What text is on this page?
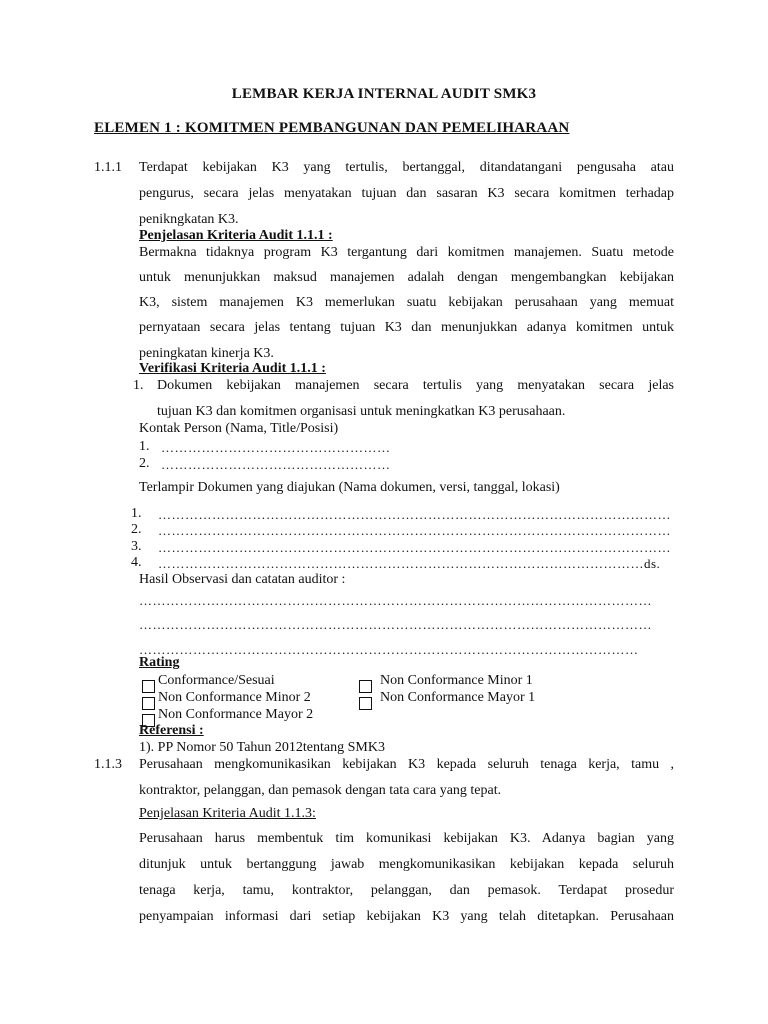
LEMBAR KERJA INTERNAL AUDIT SMK3
ELEMEN 1 : KOMITMEN PEMBANGUNAN DAN PEMELIHARAAN
1.1.1 Terdapat kebijakan K3 yang tertulis, bertanggal, ditandatangani pengusaha atau
pengurus, secara jelas menyatakan tujuan dan sasaran K3 secara komitmen terhadap
penikngkatan K3.
Penjelasan Kriteria Audit 1.1.1 :
Bermakna tidaknya program K3 tergantung dari komitmen manajemen. Suatu metode
untuk menunjukkan maksud manajemen adalah dengan mengembangkan kebijakan
K3, sistem manajemen K3 memerlukan suatu kebijakan perusahaan yang memuat
pernyataan secara jelas tentang tujuan K3 dan menunjukkan adanya komitmen untuk
peningkatan kinerja K3.
Verifikasi Kriteria Audit 1.1.1 :
1. Dokumen kebijakan manajemen secara tertulis yang menyatakan secara jelas
tujuan K3 dan komitmen organisasi untuk meningkatkan K3 perusahaan.
Kontak Person (Nama, Title/Posisi)
1. ……………………………………………
2. ……………………………………………
Terlampir Dokumen yang diajukan (Nama dokumen, versi, tanggal, lokasi)
1. ……………………………………………………………………………………………………
2. ……………………………………………………………………………………………………
3. ……………………………………………………………………………………………………
4. ………………………………………………………………………………………………ds.
Hasil Observasi dan catatan auditor :
……………………………………………………………………………………………………
……………………………………………………………………………………………………
…………………………………………………………………………………………………
Rating
Conformance/Sesuai	Non Conformance Minor 1
Non Conformance Minor 2	Non Conformance Mayor 1
Non Conformance Mayor 2
Referensi :
1). PP Nomor 50 Tahun 2012tentang SMK3
1.1.3 Perusahaan mengkomunikasikan kebijakan K3 kepada seluruh tenaga kerja, tamu ,
kontraktor, pelanggan, dan pemasok dengan tata cara yang tepat.
Penjelasan Kriteria Audit 1.1.3:
Perusahaan harus membentuk tim komunikasi kebijakan K3. Adanya bagian yang
ditunjuk untuk bertanggung jawab mengkomunikasikan kebijakan kepada seluruh
tenaga kerja, tamu, kontraktor, pelanggan, dan pemasok. Terdapat prosedur
penyampaian informasi dari setiap kebijakan K3 yang telah ditetapkan. Perusahaan
